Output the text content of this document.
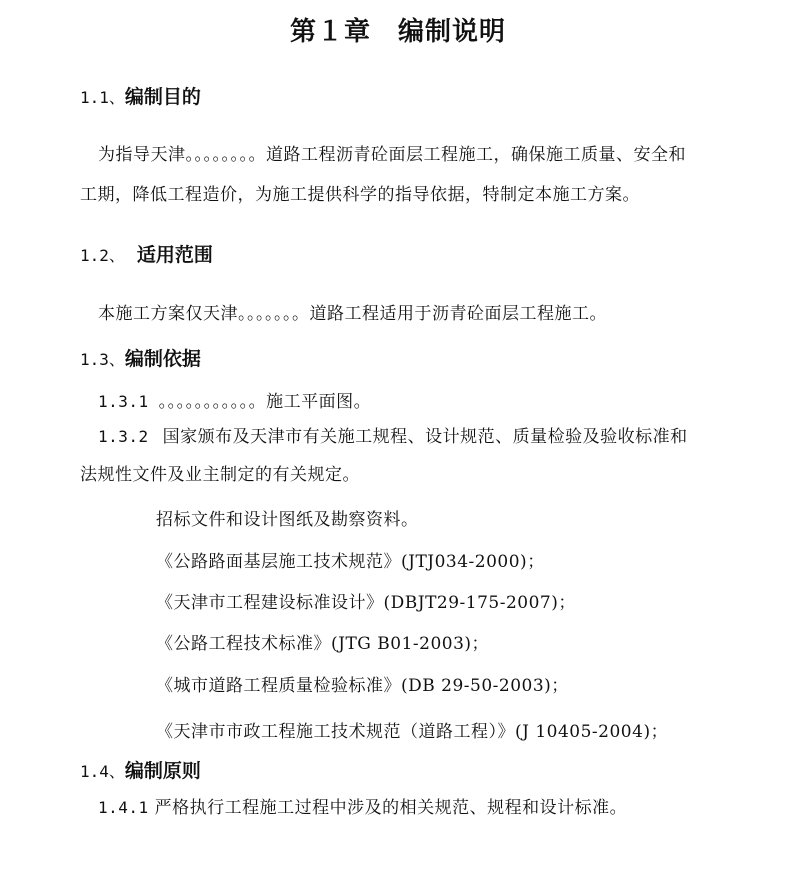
第１章　编制说明
1.1、编制目的
为指导天津。。。。。。。。道路工程沥青砼面层工程施工，确保施工质量、安全和
工期，降低工程造价，为施工提供科学的指导依据，特制定本施工方案。
1.2、 适用范围
本施工方案仅天津。。。。。。。道路工程适用于沥青砼面层工程施工。
1.3、编制依据
1.3.1 。。。。。。。。。。。施工平面图。
1.3.2 国家颁布及天津市有关施工规程、设计规范、质量检验及验收标准和
法规性文件及业主制定的有关规定。
招标文件和设计图纸及勘察资料。
《公路路面基层施工技术规范》(JTJ034-2000)；
《天津市工程建设标准设计》(DBJT29-175-2007)；
《公路工程技术标准》(JTG B01-2003)；
《城市道路工程质量检验标准》(DB 29-50-2003)；
《天津市市政工程施工技术规范（道路工程）》(J 10405-2004)；
1.4、编制原则
1.4.1 严格执行工程施工过程中涉及的相关规范、规程和设计标准。
